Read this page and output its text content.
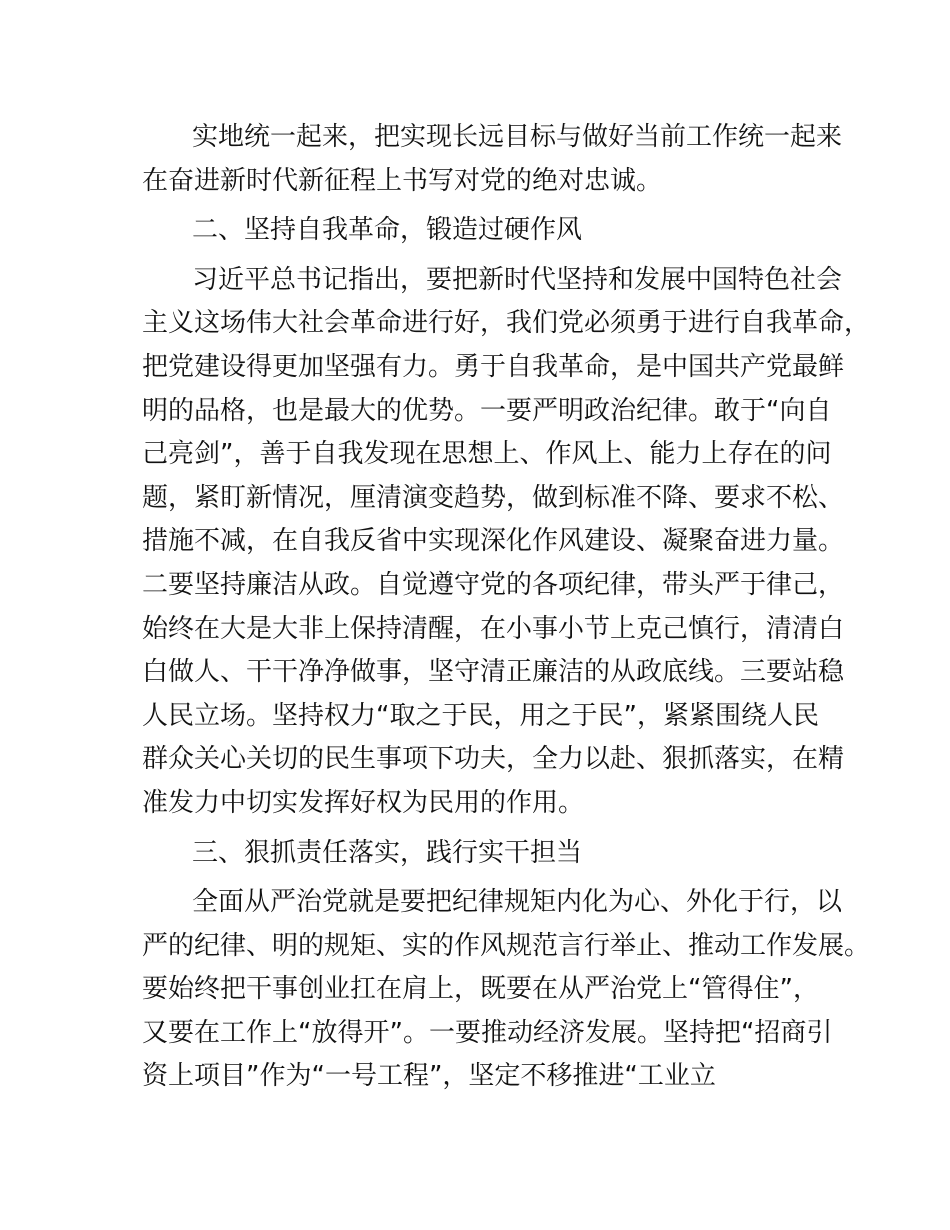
实地统一起来，把实现长远目标与做好当前工作统一起来
在奋进新时代新征程上书写对党的绝对忠诚。
二、坚持自我革命，锻造过硬作风
习近平总书记指出，要把新时代坚持和发展中国特色社会
主义这场伟大社会革命进行好，我们党必须勇于进行自我革命，
把党建设得更加坚强有力。勇于自我革命，是中国共产党最鲜
明的品格，也是最大的优势。一要严明政治纪律。敢于“向自
己亮剑”，善于自我发现在思想上、作风上、能力上存在的问
题，紧盯新情况，厘清演变趋势，做到标准不降、要求不松、
措施不减，在自我反省中实现深化作风建设、凝聚奋进力量。
二要坚持廉洁从政。自觉遵守党的各项纪律，带头严于律己，
始终在大是大非上保持清醒，在小事小节上克己慎行，清清白
白做人、干干净净做事，坚守清正廉洁的从政底线。三要站稳
人民立场。坚持权力“取之于民，用之于民”，紧紧围绕人民
群众关心关切的民生事项下功夫，全力以赴、狠抓落实，在精
准发力中切实发挥好权为民用的作用。
三、狠抓责任落实，践行实干担当
全面从严治党就是要把纪律规矩内化为心、外化于行，以
严的纪律、明的规矩、实的作风规范言行举止、推动工作发展。
要始终把干事创业扛在肩上，既要在从严治党上“管得住”，
又要在工作上“放得开”。一要推动经济发展。坚持把“招商引
资上项目”作为“一号工程”，坚定不移推进“工业立
